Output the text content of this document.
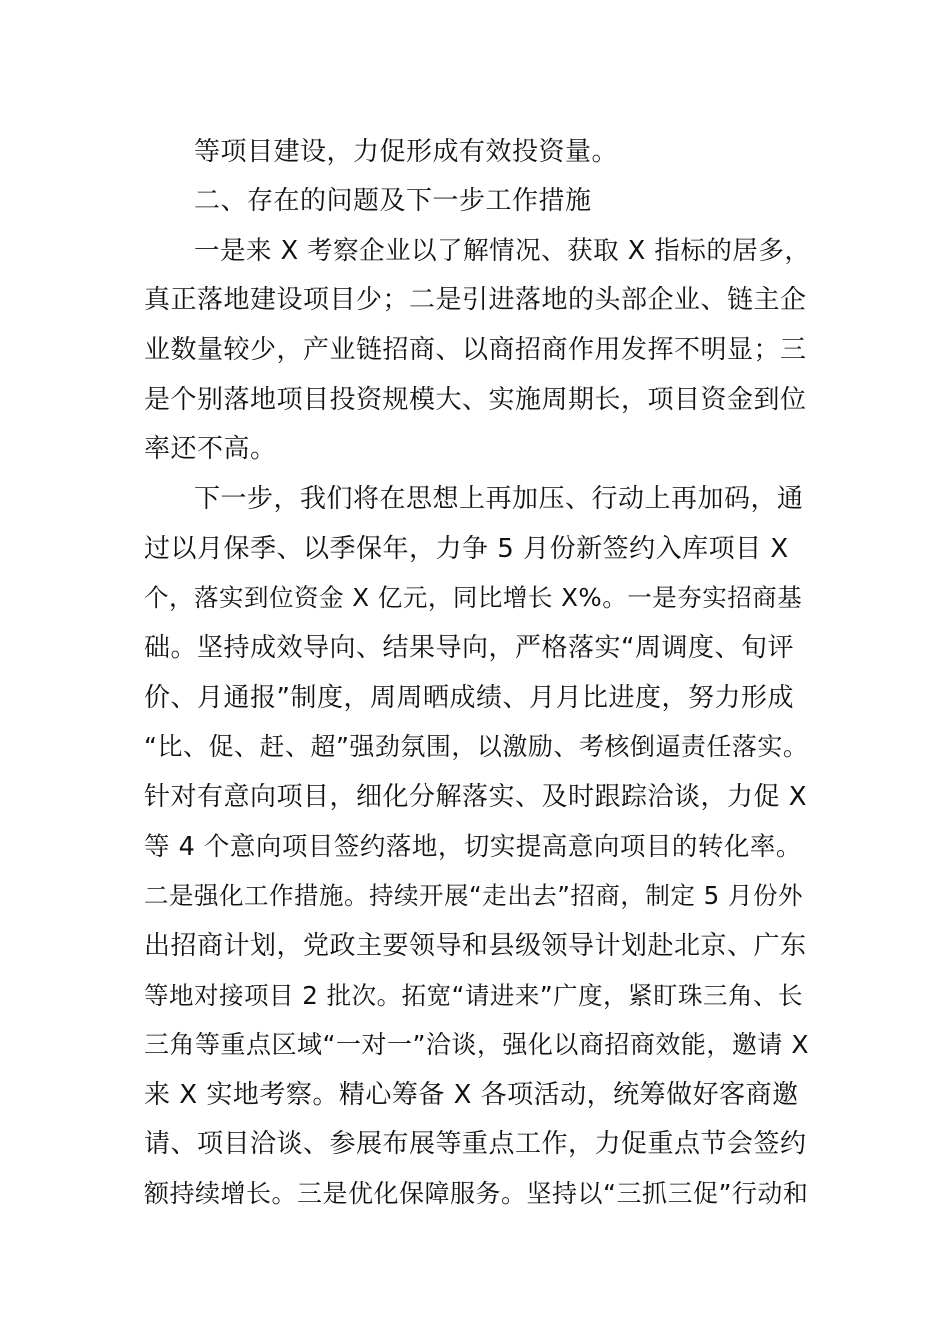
等项目建设，力促形成有效投资量。
二、存在的问题及下一步工作措施
一是来 X 考察企业以了解情况、获取 X 指标的居多，
真正落地建设项目少；二是引进落地的头部企业、链主企
业数量较少，产业链招商、以商招商作用发挥不明显；三
是个别落地项目投资规模大、实施周期长，项目资金到位
率还不高。
下一步，我们将在思想上再加压、行动上再加码，通
过以月保季、以季保年，力争 5 月份新签约入库项目 X
个，落实到位资金 X 亿元，同比增长 X%。一是夯实招商基
础。坚持成效导向、结果导向，严格落实“周调度、旬评
价、月通报”制度，周周晒成绩、月月比进度，努力形成
“比、促、赶、超”强劲氛围，以激励、考核倒逼责任落实。
针对有意向项目，细化分解落实、及时跟踪洽谈，力促 X
等 4 个意向项目签约落地，切实提高意向项目的转化率。
二是强化工作措施。持续开展“走出去”招商，制定 5 月份外
出招商计划，党政主要领导和县级领导计划赴北京、广东
等地对接项目 2 批次。拓宽“请进来”广度，紧盯珠三角、长
三角等重点区域“一对一”洽谈，强化以商招商效能，邀请 X
来 X 实地考察。精心筹备 X 各项活动，统筹做好客商邀
请、项目洽谈、参展布展等重点工作，力促重点节会签约
额持续增长。三是优化保障服务。坚持以“三抓三促”行动和
